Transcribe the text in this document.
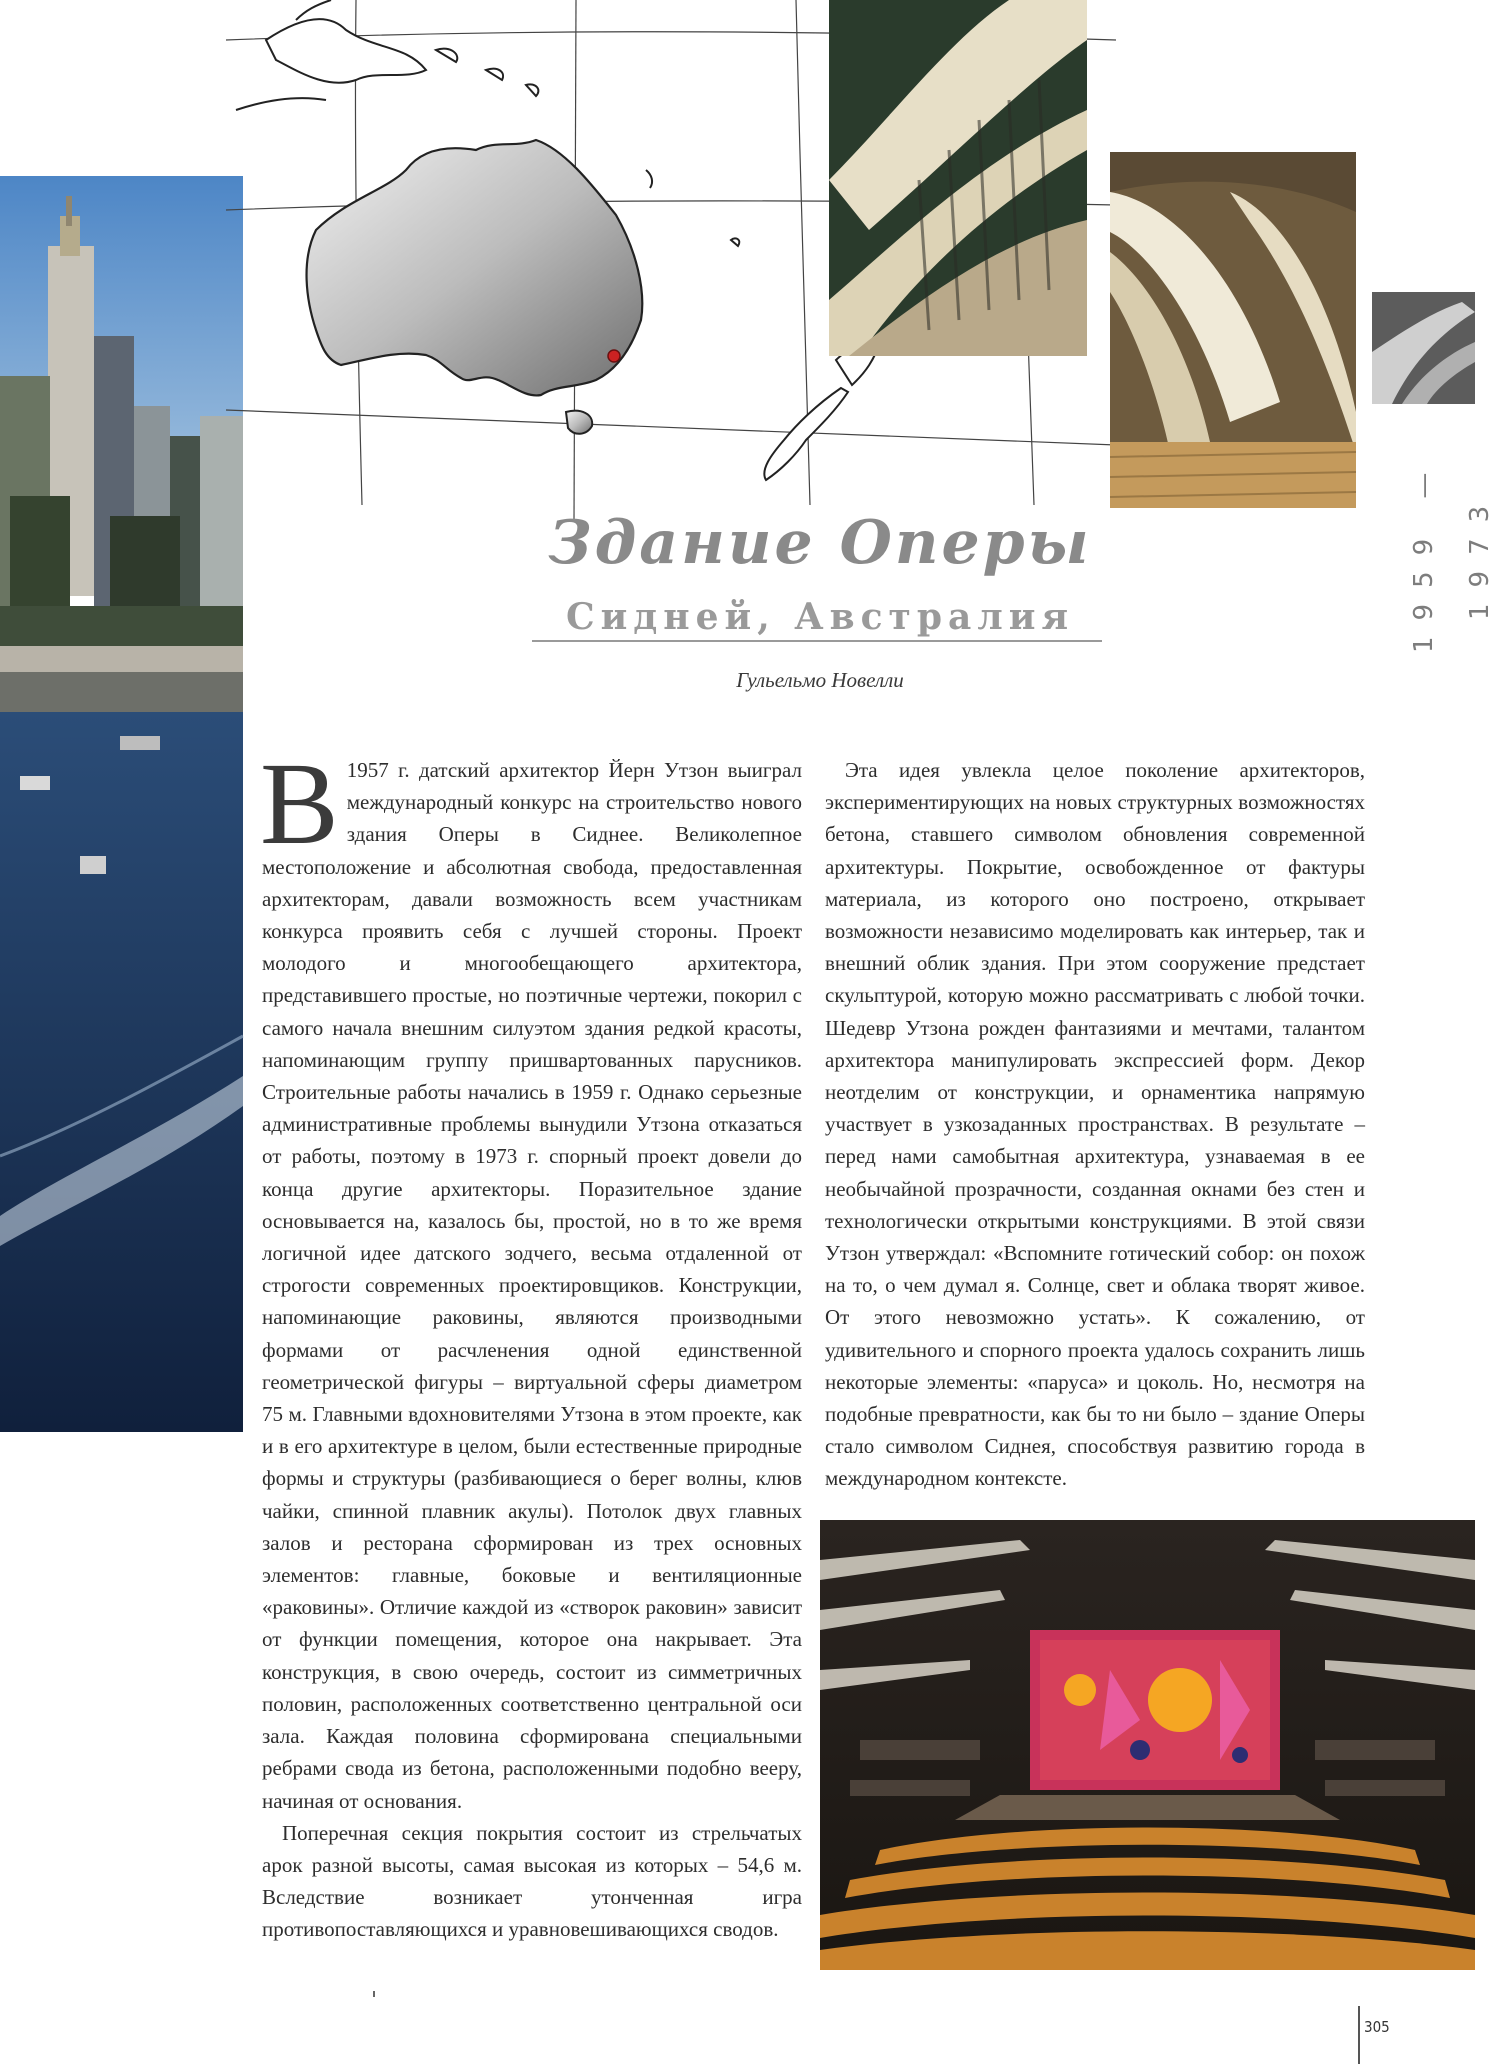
1959 — 1973
Здание Оперы
Сидней, Австралия
Гульельмо Новелли

В 1957 г. датский архитектор Йерн Утзон выиграл международный конкурс на строительство нового здания Оперы в Сиднее. Великолепное местоположение и абсолютная свобода, предоставленная архитекторам, давали возможность всем участникам конкурса проявить себя с лучшей стороны. Проект молодого и многообещающего архитектора, представившего простые, но поэтичные чертежи, покорил с самого начала внешним силуэтом здания редкой красоты, напоминающим группу пришвартованных парусников. Строительные работы начались в 1959 г. Однако серьезные административные проблемы вынудили Утзона отказаться от работы, поэтому в 1973 г. спорный проект довели до конца другие архитекторы. Поразительное здание основывается на, казалось бы, простой, но в то же время логичной идее датского зодчего, весьма отдаленной от строгости современных проектировщиков. Конструкции, напоминающие раковины, являются производными формами от расчленения одной единственной геометрической фигуры – виртуальной сферы диаметром 75 м. Главными вдохновителями Утзона в этом проекте, как и в его архитектуре в целом, были естественные природные формы и структуры (разбивающиеся о берег волны, клюв чайки, спинной плавник акулы). Потолок двух главных залов и ресторана сформирован из трех основных элементов: главные, боковые и вентиляционные «раковины». Отличие каждой из «створок раковин» зависит от функции помещения, которое она накрывает. Эта конструкция, в свою очередь, состоит из симметричных половин, расположенных соответственно центральной оси зала. Каждая половина сформирована специальными ребрами свода из бетона, расположенными подобно вееру, начиная от основания.

Поперечная секция покрытия состоит из стрельчатых арок разной высоты, самая высокая из которых – 54,6 м. Вследствие возникает утонченная игра противопоставляющихся и уравновешивающихся сводов.

Эта идея увлекла целое поколение архитекторов, экспериментирующих на новых структурных возможностях бетона, ставшего символом обновления современной архитектуры. Покрытие, освобожденное от фактуры материала, из которого оно построено, открывает возможности независимо моделировать как интерьер, так и внешний облик здания. При этом сооружение предстает скульптурой, которую можно рассматривать с любой точки. Шедевр Утзона рожден фантазиями и мечтами, талантом архитектора манипулировать экспрессией форм. Декор неотделим от конструкции, и орнаментика напрямую участвует в узкозаданных пространствах. В результате – перед нами самобытная архитектура, узнаваемая в ее необычайной прозрачности, созданная окнами без стен и технологически открытыми конструкциями. В этой связи Утзон утверждал: «Вспомните готический собор: он похож на то, о чем думал я. Солнце, свет и облака творят живое. От этого невозможно устать». К сожалению, от удивительного и спорного проекта удалось сохранить лишь некоторые элементы: «паруса» и цоколь. Но, несмотря на подобные превратности, как бы то ни было – здание Оперы стало символом Сиднея, способствуя развитию города в международном контексте.

305
